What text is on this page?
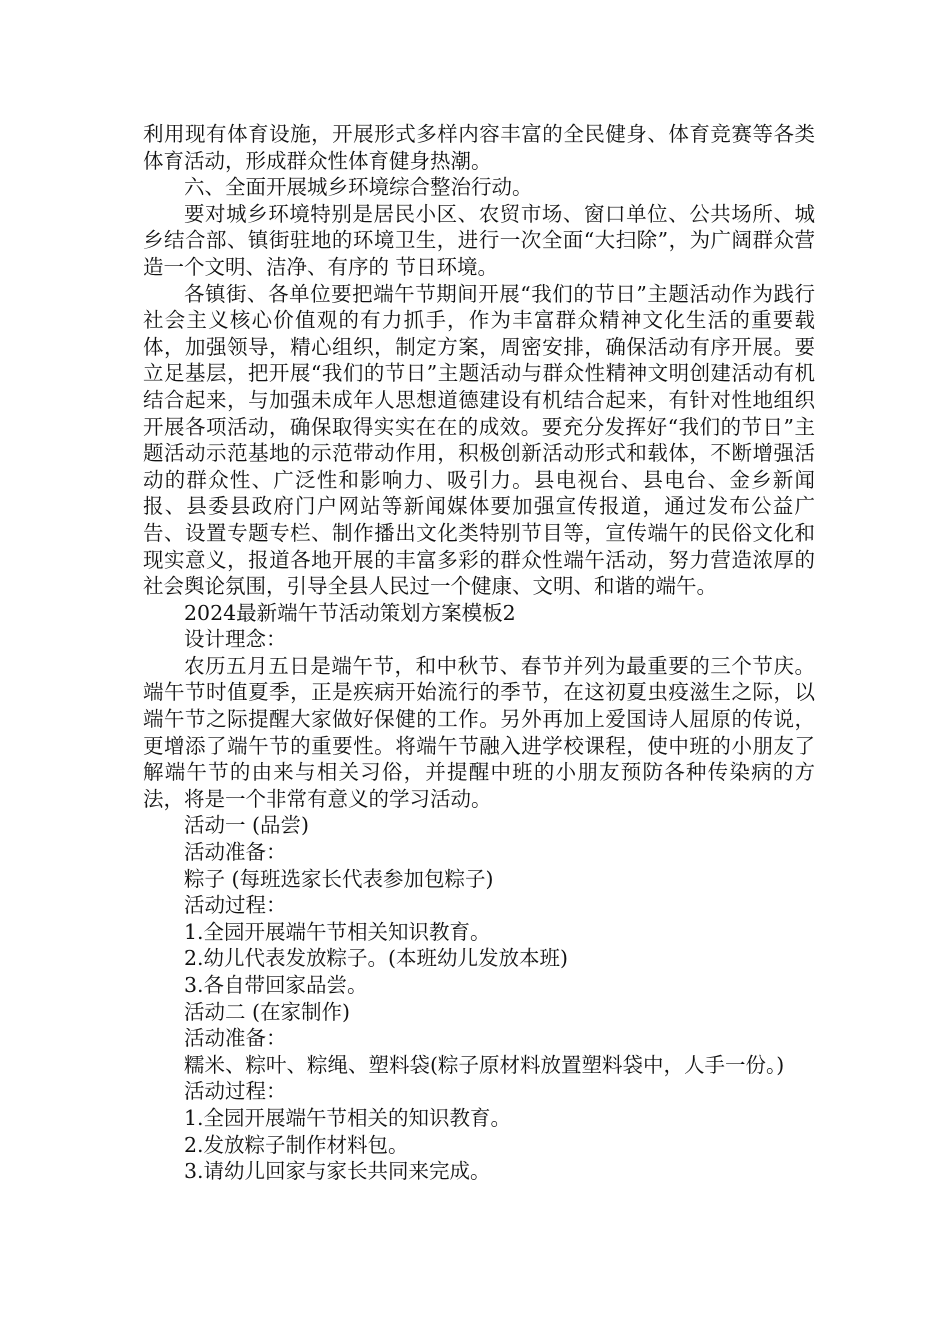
利用现有体育设施，开展形式多样内容丰富的全民健身、体育竞赛等各类体育活动，形成群众性体育健身热潮。

六、全面开展城乡环境综合整治行动。

要对城乡环境特别是居民小区、农贸市场、窗口单位、公共场所、城乡结合部、镇街驻地的环境卫生，进行一次全面“大扫除”，为广阔群众营造一个文明、洁净、有序的 节日环境。

各镇街、各单位要把端午节期间开展“我们的节日”主题活动作为践行社会主义核心价值观的有力抓手，作为丰富群众精神文化生活的重要载体，加强领导，精心组织，制定方案，周密安排，确保活动有序开展。要立足基层，把开展“我们的节日”主题活动与群众性精神文明创建活动有机结合起来，与加强未成年人思想道德建设有机结合起来，有针对性地组织开展各项活动，确保取得实实在在的成效。要充分发挥好“我们的节日”主题活动示范基地的示范带动作用，积极创新活动形式和载体，不断增强活动的群众性、广泛性和影响力、吸引力。县电视台、县电台、金乡新闻报、县委县政府门户网站等新闻媒体要加强宣传报道，通过发布公益广告、设置专题专栏、制作播出文化类特别节目等，宣传端午的民俗文化和现实意义，报道各地开展的丰富多彩的群众性端午活动，努力营造浓厚的社会舆论氛围，引导全县人民过一个健康、文明、和谐的端午。

2024最新端午节活动策划方案模板2

设计理念：

农历五月五日是端午节，和中秋节、春节并列为最重要的三个节庆。端午节时值夏季，正是疾病开始流行的季节，在这初夏虫疫滋生之际，以端午节之际提醒大家做好保健的工作。另外再加上爱国诗人屈原的传说，更增添了端午节的重要性。将端午节融入进学校课程，使中班的小朋友了解端午节的由来与相关习俗，并提醒中班的小朋友预防各种传染病的方法，将是一个非常有意义的学习活动。

活动一 (品尝)

活动准备：

粽子 (每班选家长代表参加包粽子)

活动过程：

1.全园开展端午节相关知识教育。

2.幼儿代表发放粽子。(本班幼儿发放本班)

3.各自带回家品尝。

活动二 (在家制作)

活动准备：

糯米、粽叶、粽绳、塑料袋(粽子原材料放置塑料袋中，人手一份。)

活动过程：

1.全园开展端午节相关的知识教育。

2.发放粽子制作材料包。

3.请幼儿回家与家长共同来完成。
